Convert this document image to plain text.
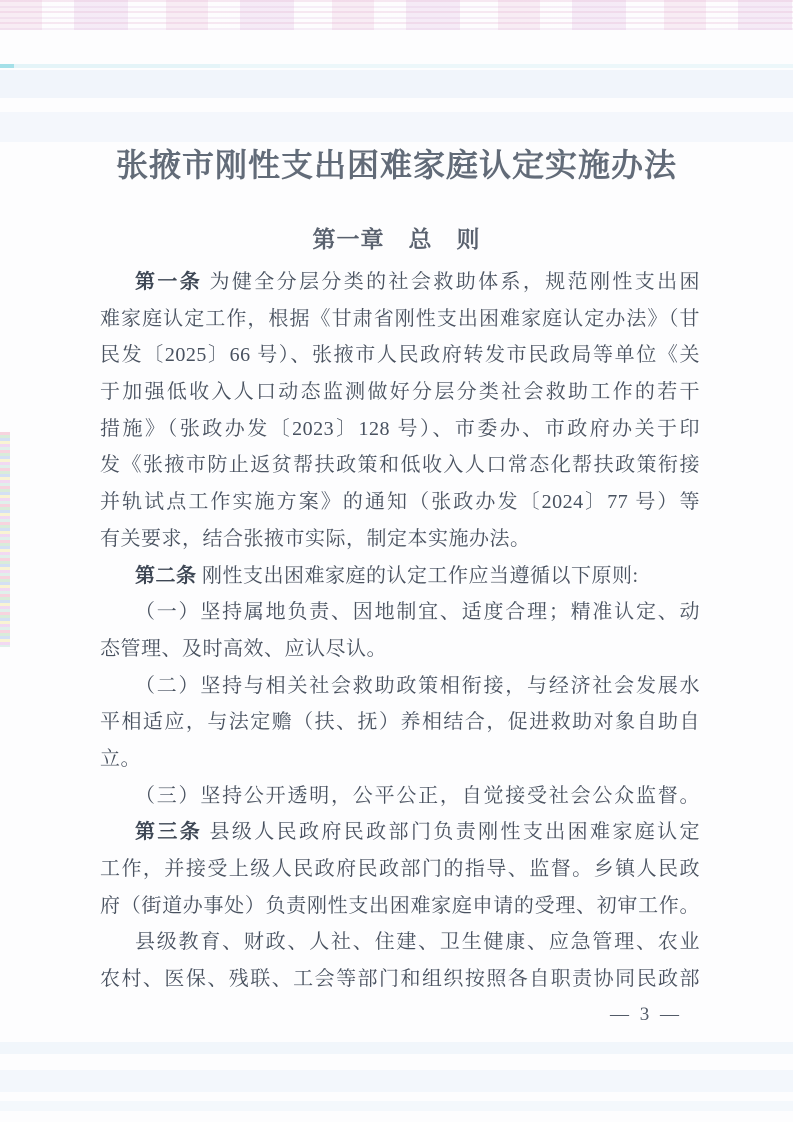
张掖市刚性支出困难家庭认定实施办法
第一章　总　则
第一条 为健全分层分类的社会救助体系，规范刚性支出困
难家庭认定工作，根据《甘肃省刚性支出困难家庭认定办法》（甘
民发〔2025〕66 号）、张掖市人民政府转发市民政局等单位《关
于加强低收入人口动态监测做好分层分类社会救助工作的若干
措施》（张政办发〔2023〕128 号）、市委办、市政府办关于印
发《张掖市防止返贫帮扶政策和低收入人口常态化帮扶政策衔接
并轨试点工作实施方案》的通知（张政办发〔2024〕77 号）等
有关要求，结合张掖市实际，制定本实施办法。
第二条 刚性支出困难家庭的认定工作应当遵循以下原则:
（一）坚持属地负责、因地制宜、适度合理；精准认定、动
态管理、及时高效、应认尽认。
（二）坚持与相关社会救助政策相衔接，与经济社会发展水
平相适应，与法定赡（扶、抚）养相结合，促进救助对象自助自
立。
（三）坚持公开透明，公平公正，自觉接受社会公众监督。
第三条 县级人民政府民政部门负责刚性支出困难家庭认定
工作，并接受上级人民政府民政部门的指导、监督。乡镇人民政
府（街道办事处）负责刚性支出困难家庭申请的受理、初审工作。
县级教育、财政、人社、住建、卫生健康、应急管理、农业
农村、医保、残联、工会等部门和组织按照各自职责协同民政部
— 3 —
